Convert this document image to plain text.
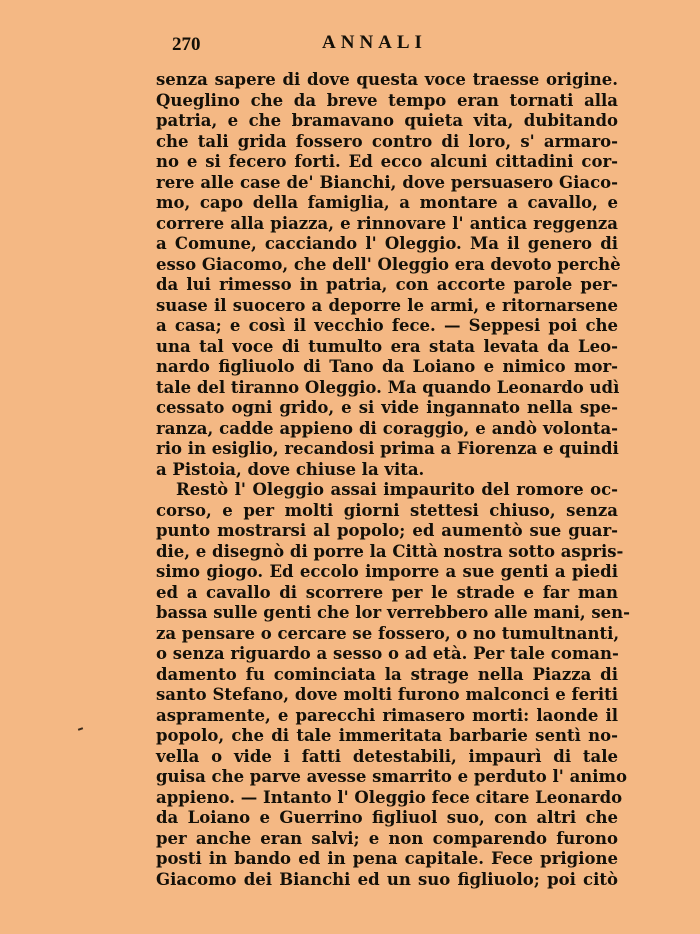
270	ANNALI
senza sapere di dove questa voce traesse origine.
Queglino che da breve tempo eran tornati alla
patria, e che bramavano quieta vita, dubitando
che tali grida fossero contro di loro, s' armaro-
no e si fecero forti. Ed ecco alcuni cittadini cor-
rere alle case de' Bianchi, dove persuasero Giaco-
mo, capo della famiglia, a montare a cavallo, e
correre alla piazza, e rinnovare l' antica reggenza
a Comune, cacciando l' Oleggio. Ma il genero di
esso Giacomo, che dell' Oleggio era devoto perchè
da lui rimesso in patria, con accorte parole per-
suase il suocero a deporre le armi, e ritornarsene
a casa; e così il vecchio fece. — Seppesi poi che
una tal voce di tumulto era stata levata da Leo-
nardo figliuolo di Tano da Loiano e nimico mor-
tale del tiranno Oleggio. Ma quando Leonardo udì
cessato ogni grido, e si vide ingannato nella spe-
ranza, cadde appieno di coraggio, e andò volonta-
rio in esiglio, recandosi prima a Fiorenza e quindi
a Pistoia, dove chiuse la vita.
Restò l' Oleggio assai impaurito del romore oc-
corso, e per molti giorni stettesi chiuso, senza
punto mostrarsi al popolo; ed aumentò sue guar-
die, e disegnò di porre la Città nostra sotto aspris-
simo giogo. Ed eccolo imporre a sue genti a piedi
ed a cavallo di scorrere per le strade e far man
bassa sulle genti che lor verrebbero alle mani, sen-
za pensare o cercare se fossero, o no tumultnanti,
o senza riguardo a sesso o ad età. Per tale coman-
damento fu cominciata la strage nella Piazza di
santo Stefano, dove molti furono malconci e feriti
aspramente, e parecchi rimasero morti: laonde il
popolo, che di tale immeritata barbarie sentì no-
vella o vide i fatti detestabili, impaurì di tale
guisa che parve avesse smarrito e perduto l' animo
appieno. — Intanto l' Oleggio fece citare Leonardo
da Loiano e Guerrino figliuol suo, con altri che
per anche eran salvi; e non comparendo furono
posti in bando ed in pena capitale. Fece prigione
Giacomo dei Bianchi ed un suo figliuolo; poi citò
